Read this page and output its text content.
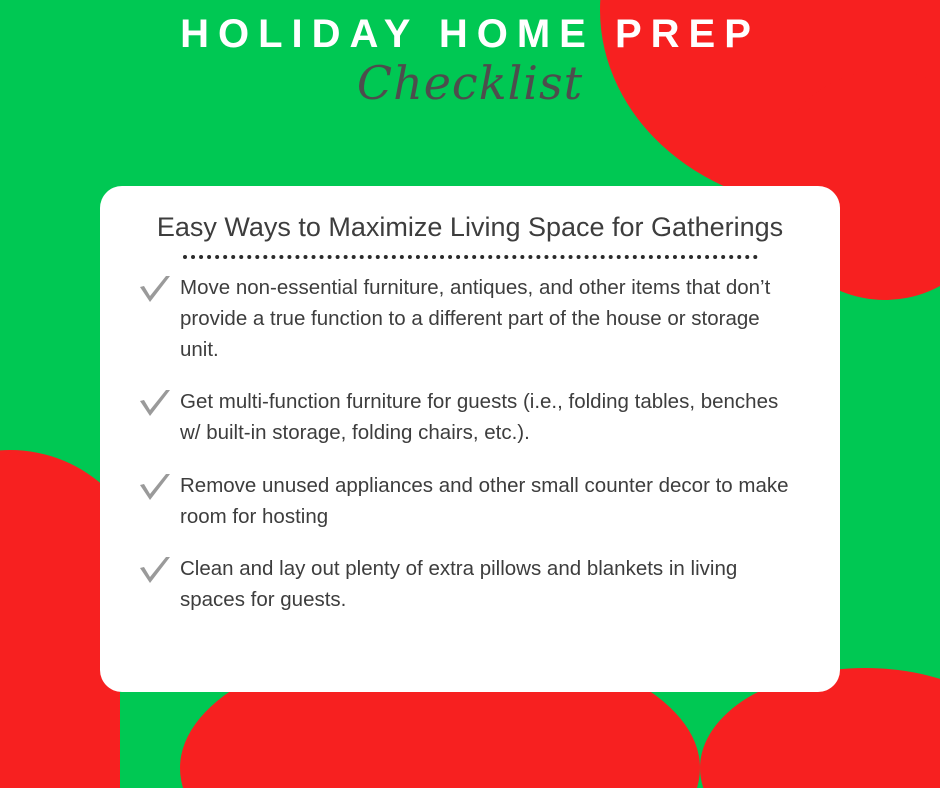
HOLIDAY HOME PREP
Checklist
Easy Ways to Maximize Living Space for Gatherings
Move non-essential furniture, antiques, and other items that don’t provide a true function to a different part of the house or storage unit.
Get multi-function furniture for guests (i.e., folding tables, benches w/ built-in storage, folding chairs, etc.).
Remove unused appliances and other small counter decor to make room for hosting
Clean and lay out plenty of extra pillows and blankets in living spaces for guests.
